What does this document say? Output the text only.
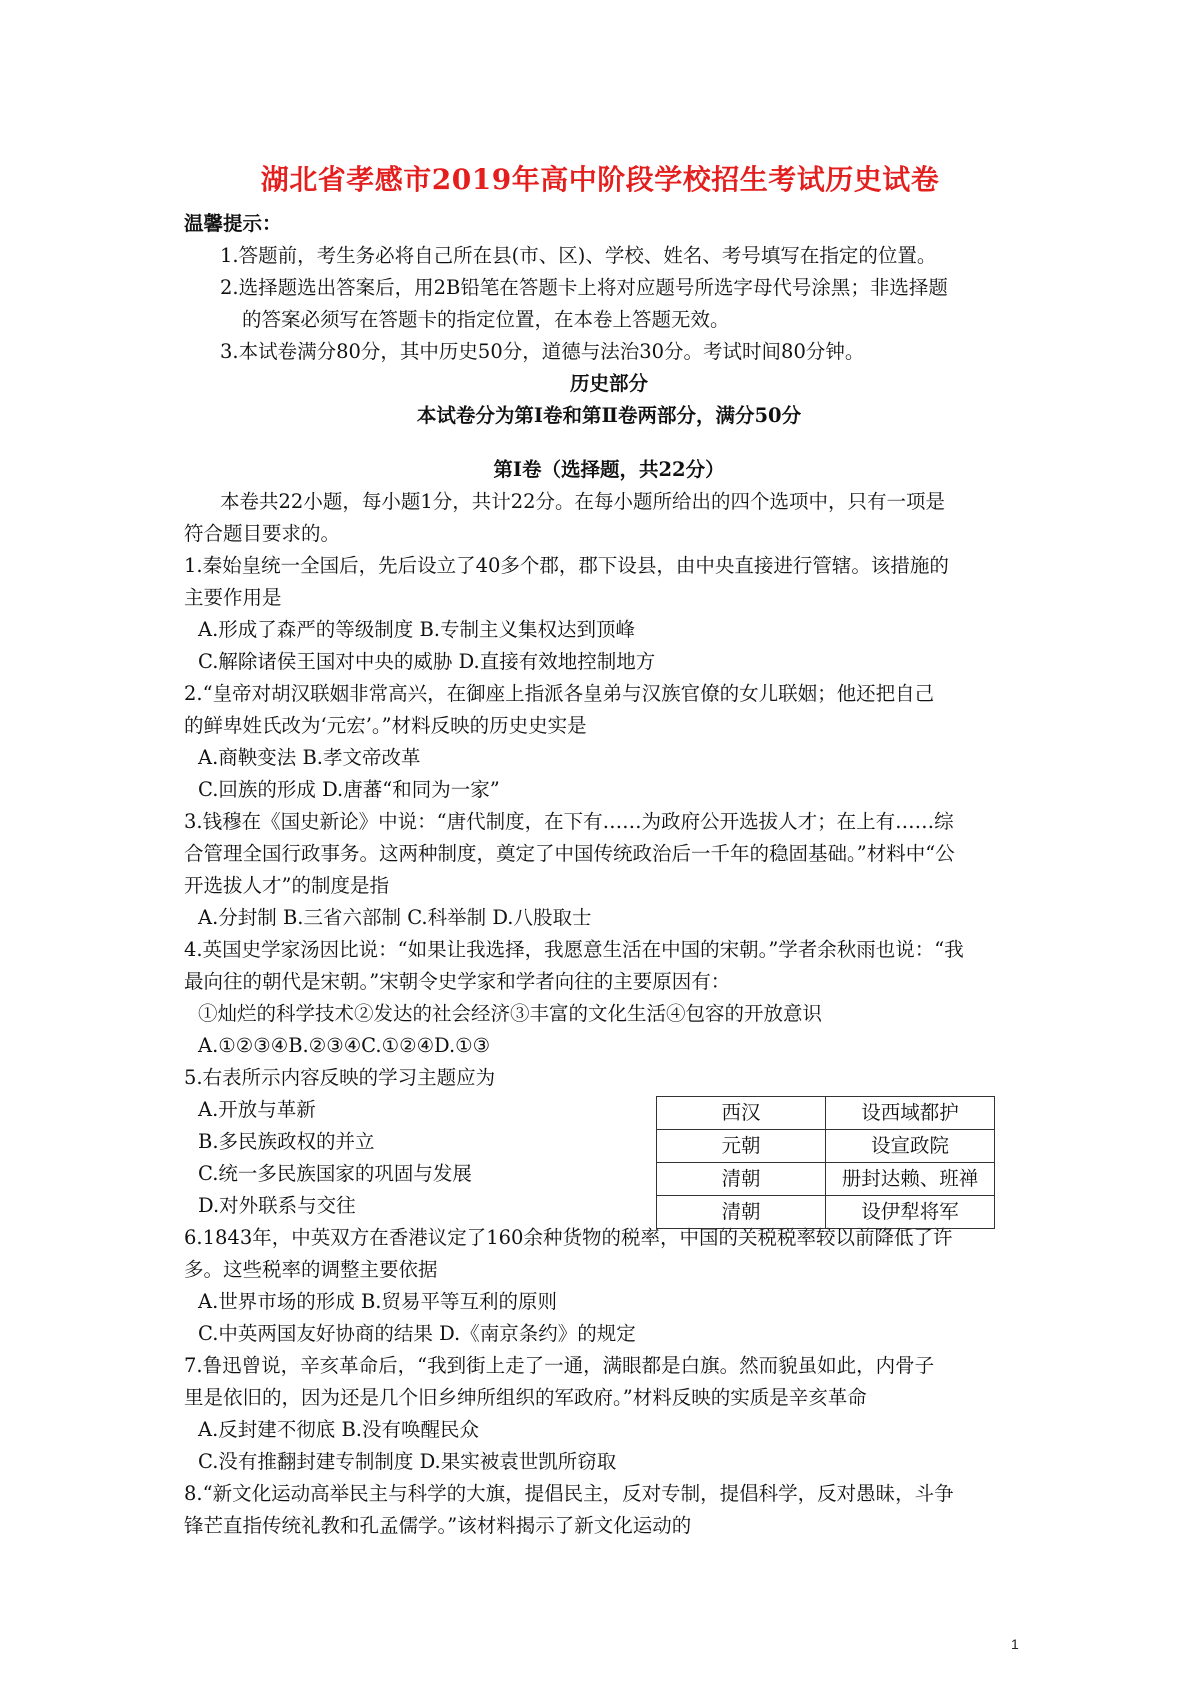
湖北省孝感市2019年高中阶段学校招生考试历史试卷
温馨提示：
1.答题前，考生务必将自己所在县(市、区)、学校、姓名、考号填写在指定的位置。
2.选择题选出答案后，用2B铅笔在答题卡上将对应题号所选字母代号涂黑；非选择题
的答案必须写在答题卡的指定位置，在本卷上答题无效。
3.本试卷满分80分，其中历史50分，道德与法治30分。考试时间80分钟。
历史部分
本试卷分为第Ⅰ卷和第Ⅱ卷两部分，满分50分
第Ⅰ卷（选择题，共22分）
本卷共22小题，每小题1分，共计22分。在每小题所给出的四个选项中，只有一项是
符合题目要求的。
1.秦始皇统一全国后，先后设立了40多个郡，郡下设县，由中央直接进行管辖。该措施的
主要作用是
A.形成了森严的等级制度 B.专制主义集权达到顶峰
C.解除诸侯王国对中央的威胁 D.直接有效地控制地方
2.“皇帝对胡汉联姻非常高兴，在御座上指派各皇弟与汉族官僚的女儿联姻；他还把自己
的鲜卑姓氏改为‘元宏’。”材料反映的历史史实是
A.商鞅变法 B.孝文帝改革
C.回族的形成 D.唐蕃“和同为一家”
3.钱穆在《国史新论》中说：“唐代制度，在下有……为政府公开选拔人才；在上有……综
合管理全国行政事务。这两种制度，奠定了中国传统政治后一千年的稳固基础。”材料中“公
开选拔人才”的制度是指
A.分封制 B.三省六部制 C.科举制 D.八股取士
4.英国史学家汤因比说：“如果让我选择，我愿意生活在中国的宋朝。”学者余秋雨也说：“我
最向往的朝代是宋朝。”宋朝令史学家和学者向往的主要原因有：
①灿烂的科学技术②发达的社会经济③丰富的文化生活④包容的开放意识
A.①②③④B.②③④C.①②④D.①③
5.右表所示内容反映的学习主题应为
A.开放与革新
B.多民族政权的并立
C.统一多民族国家的巩固与发展
D.对外联系与交往
西汉	设西域都护
元朝	设宣政院
清朝	册封达赖、班禅
清朝	设伊犁将军
6.1843年，中英双方在香港议定了160余种货物的税率，中国的关税税率较以前降低了许
多。这些税率的调整主要依据
A.世界市场的形成 B.贸易平等互利的原则
C.中英两国友好协商的结果 D.《南京条约》的规定
7.鲁迅曾说，辛亥革命后，“我到街上走了一通，满眼都是白旗。然而貌虽如此，内骨子
里是依旧的，因为还是几个旧乡绅所组织的军政府。”材料反映的实质是辛亥革命
A.反封建不彻底 B.没有唤醒民众
C.没有推翻封建专制制度 D.果实被袁世凯所窃取
8.“新文化运动高举民主与科学的大旗，提倡民主，反对专制，提倡科学，反对愚昧，斗争
锋芒直指传统礼教和孔孟儒学。”该材料揭示了新文化运动的
1
